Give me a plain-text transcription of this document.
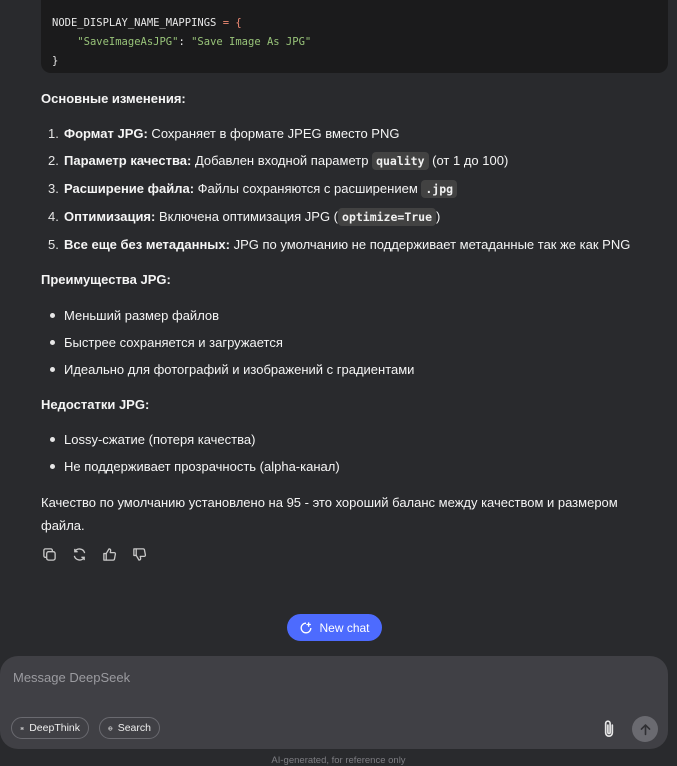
NODE_DISPLAY_NAME_MAPPINGS = {
"SaveImageAsJPG": "Save Image As JPG"
}
Основные изменения:
1. Формат JPG: Сохраняет в формате JPEG вместо PNG
2. Параметр качества: Добавлен входной параметр quality (от 1 до 100)
3. Расширение файла: Файлы сохраняются с расширением .jpg
4. Оптимизация: Включена оптимизация JPG ( optimize=True )
5. Все еще без метаданных: JPG по умолчанию не поддерживает метаданные так же как PNG
Преимущества JPG:
Меньший размер файлов
Быстрее сохраняется и загружается
Идеально для фотографий и изображений с градиентами
Недостатки JPG:
Lossy-сжатие (потеря качества)
Не поддерживает прозрачность (alpha-канал)
Качество по умолчанию установлено на 95 - это хороший баланс между качеством и размером файла.
New chat
Message DeepSeek
DeepThink	Search
AI-generated, for reference only
